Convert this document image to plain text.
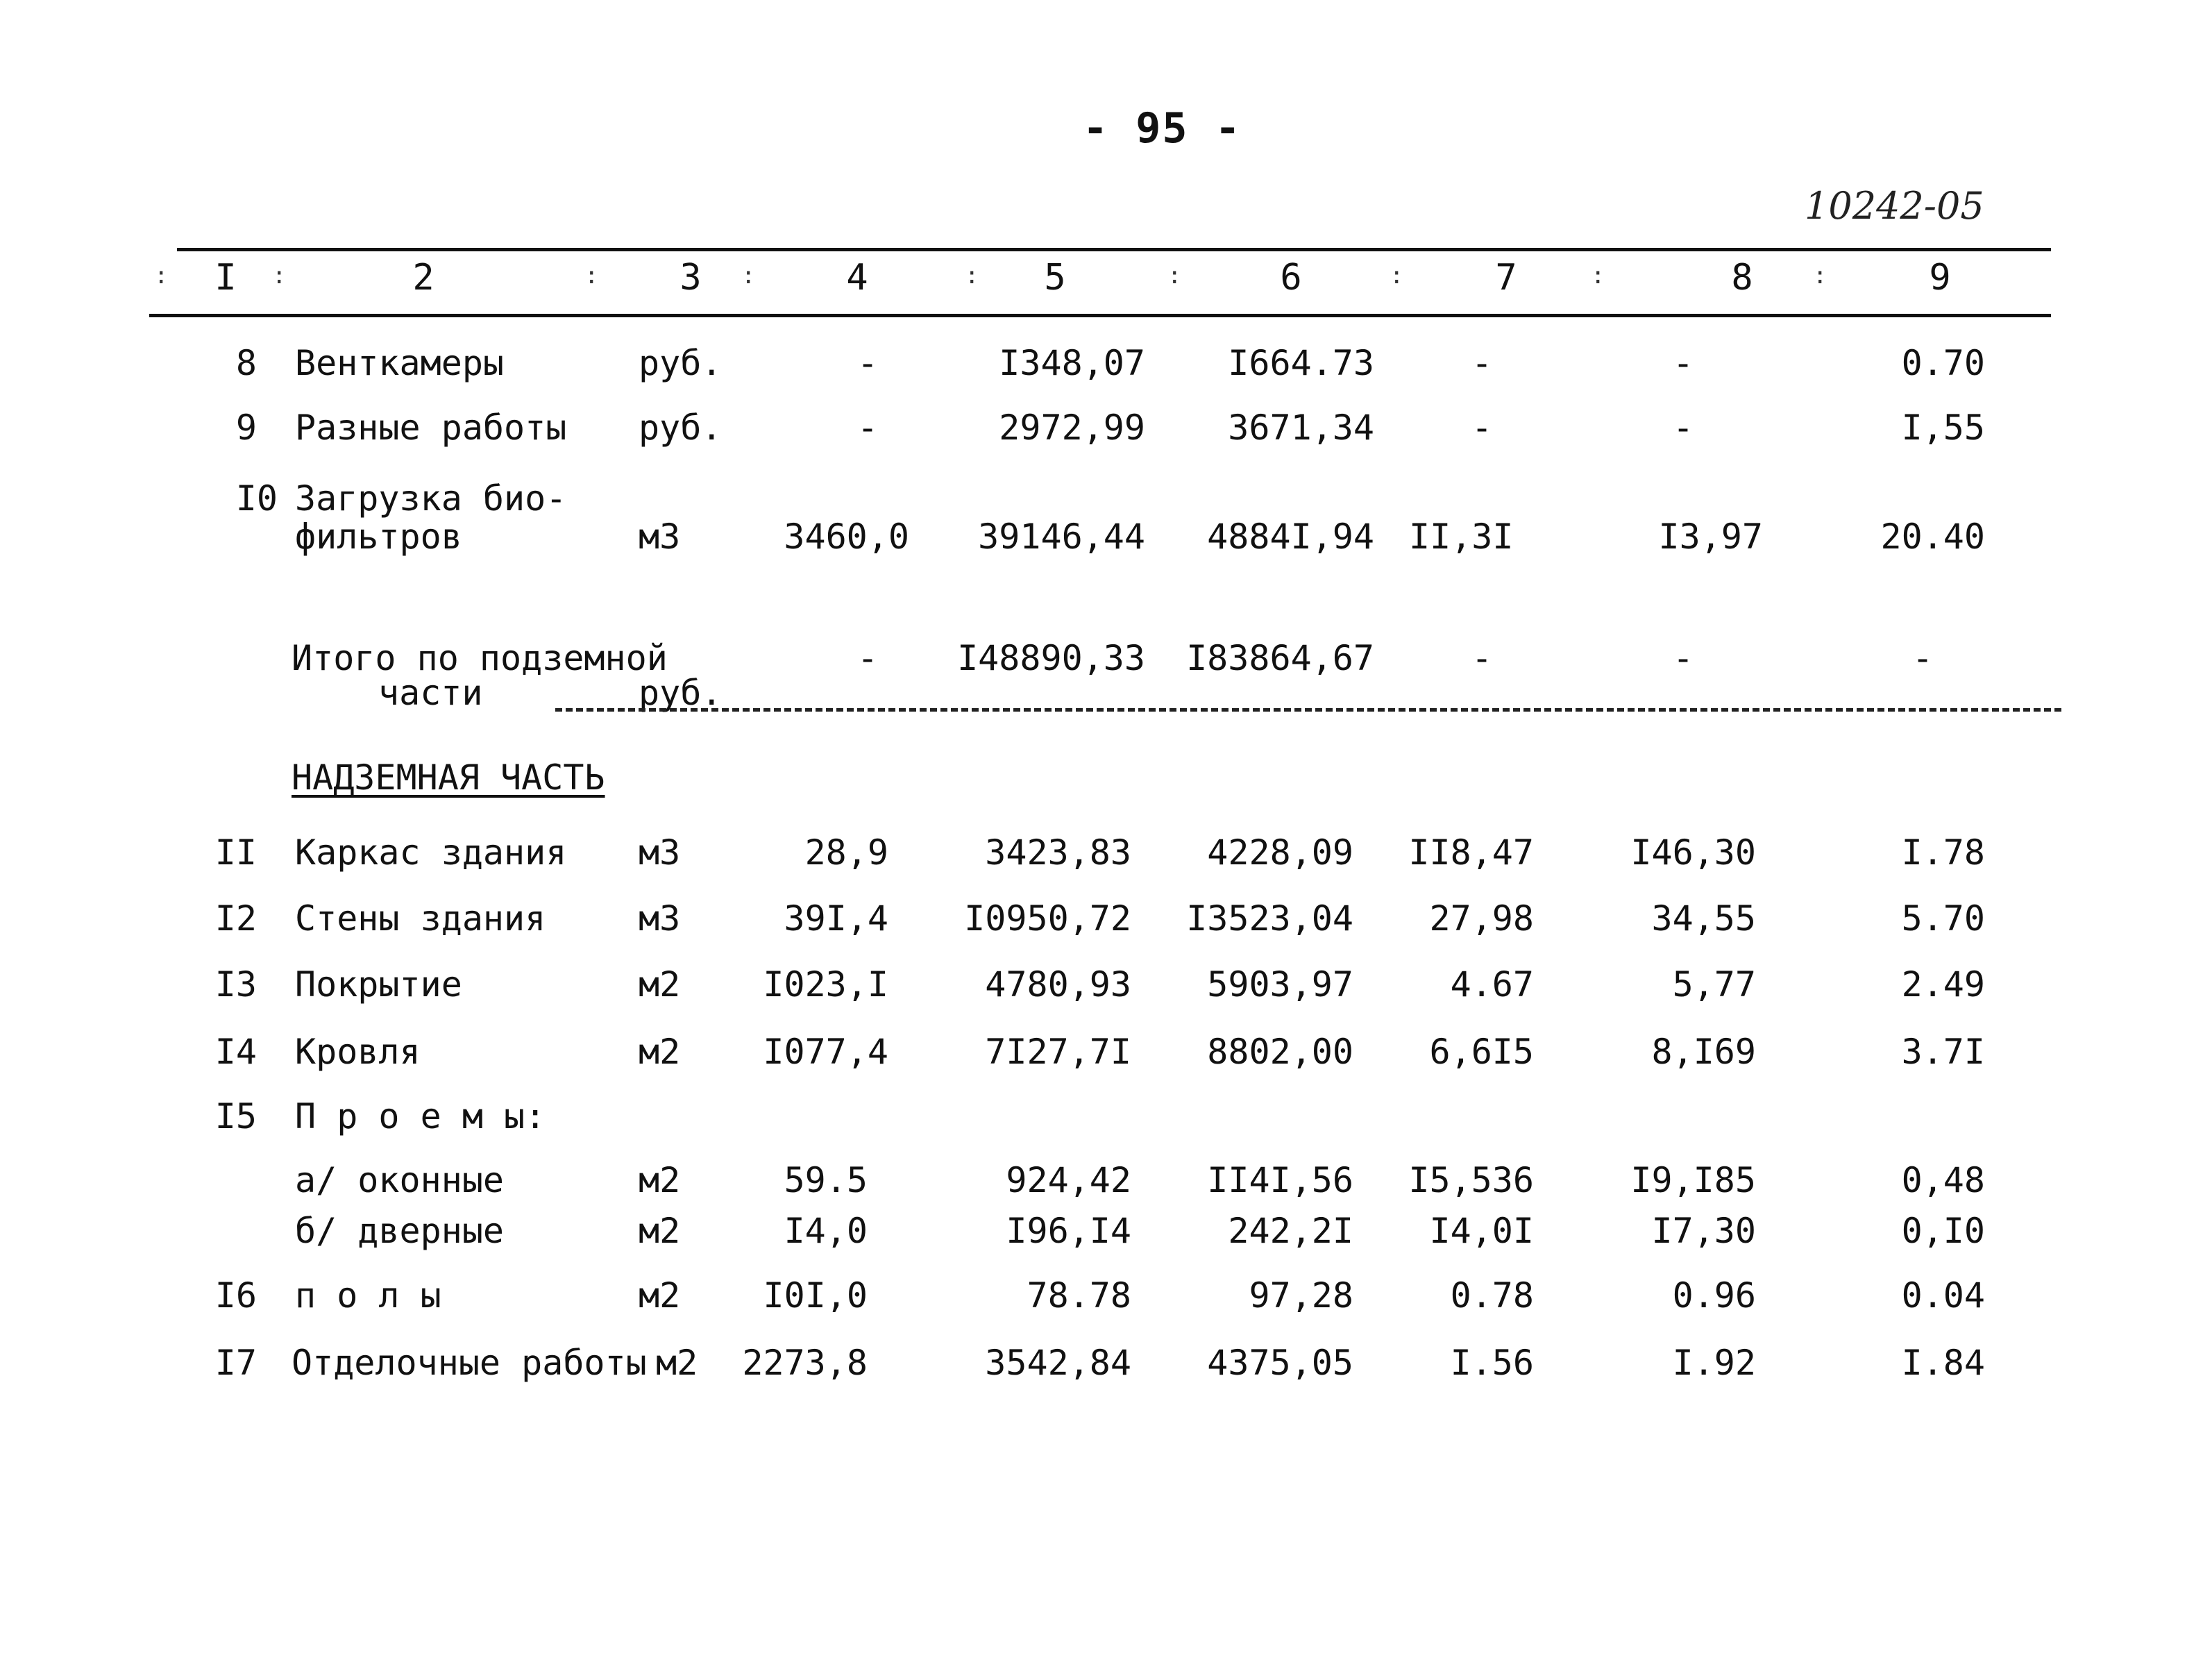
- 95 -
10242-05
: I	:	2	:	3	:	4	:	5	:	6	:	7	:	8	:	9
8 Венткамеры	руб.	-	I348,07	I664.73	-	-	0.70
9 Разные работы руб.	-	2972,99	3671,34	-	-	I,55
I0 Загрузка био-
фильтров	м3	3460,0	39146,44	4884I,94 II,3I	I3,97	20.40
Итого по подземной
части	руб.
-	I48890,33	I83864,67	-	-	-
НАДЗЕМНАЯ ЧАСТЬ
II Каркас здания м3	28,9	3423,83	4228,09	II8,47	I46,30	I.78
I2 Стены здания	м3	39I,4	I0950,72	I3523,04	27,98	34,55	5.70
I3 Покрытие	м2	I023,I	4780,93	5903,97	4.67	5,77	2.49
I4 Кровля	м2	I077,4	7I27,7I	8802,00	6,6I5	8,I69	3.7I
I5 П р о е м ы:
а/ оконные	м2	59.5	924,42	II4I,56	I5,536	I9,I85	0,48
б/ дверные	м2	I4,0	I96,I4	242,2I	I4,0I	I7,30	0,I0
I6 п о л ы	м2	I0I,0	78.78	97,28	0.78	0.96	0.04
I7 Отделочные работы м2	2273,8	3542,84	4375,05	I.56	I.92	I.84
